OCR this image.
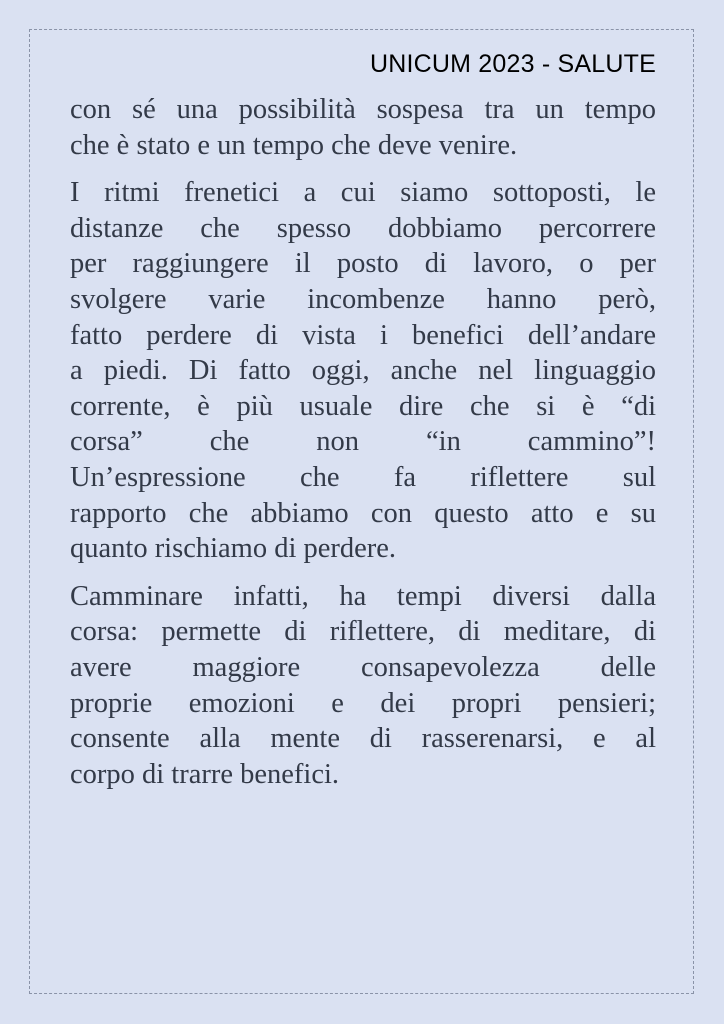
UNICUM 2023 - SALUTE

con sé una possibilità sospesa tra un tempo
che è stato e un tempo che deve venire.

I ritmi frenetici a cui siamo sottoposti, le
distanze che spesso dobbiamo percorrere
per raggiungere il posto di lavoro, o per
svolgere varie incombenze hanno però,
fatto perdere di vista i benefici dell’andare
a piedi. Di fatto oggi, anche nel linguaggio
corrente, è più usuale dire che si è “di
corsa” che non “in cammino”!
Un’espressione che fa riflettere sul
rapporto che abbiamo con questo atto e su
quanto rischiamo di perdere.

Camminare infatti, ha tempi diversi dalla
corsa: permette di riflettere, di meditare, di
avere maggiore consapevolezza delle
proprie emozioni e dei propri pensieri;
consente alla mente di rasserenarsi, e al
corpo di trarre benefici.
